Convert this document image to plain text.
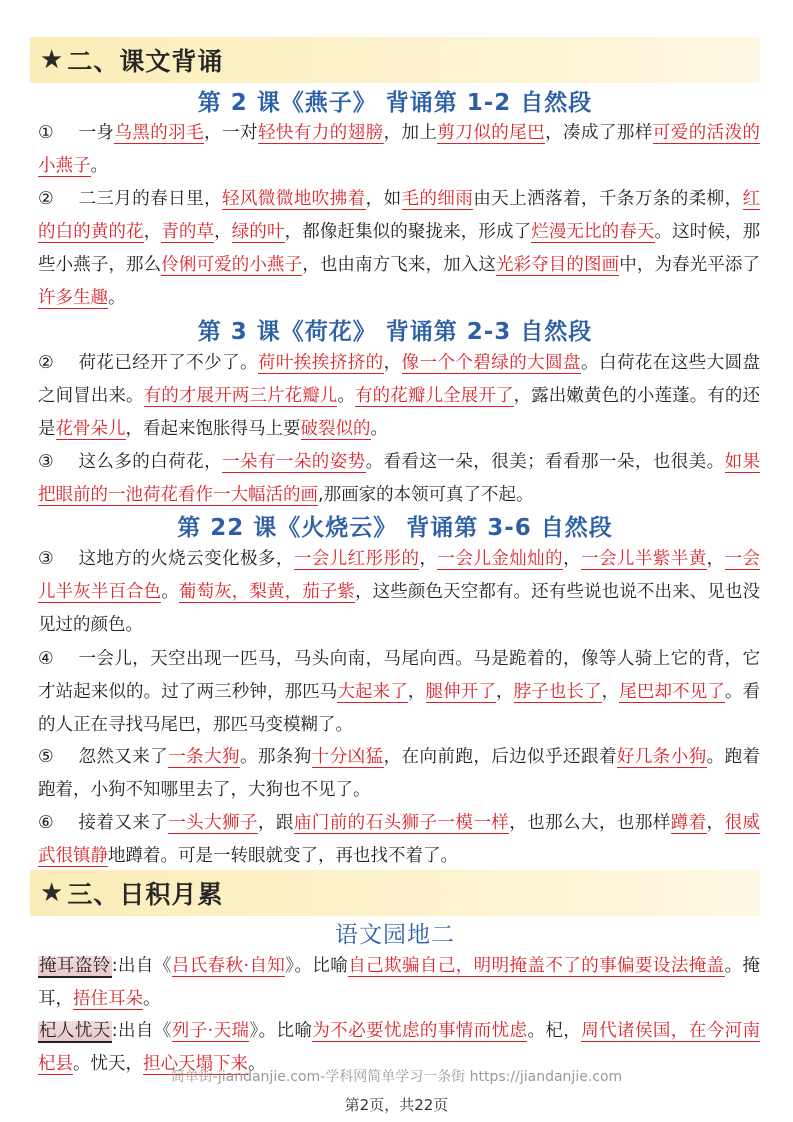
★ 二、课文背诵
第 2 课《燕子》 背诵第 1-2 自然段
① 一身乌黑的羽毛，一对轻快有力的翅膀，加上剪刀似的尾巴，凑成了那样可爱的活泼的小燕子。
② 二三月的春日里，轻风微微地吹拂着，如毛的细雨由天上洒落着，千条万条的柔柳，红的白的黄的花，青的草，绿的叶，都像赶集似的聚拢来，形成了烂漫无比的春天。这时候，那些小燕子，那么伶俐可爱的小燕子，也由南方飞来，加入这光彩夺目的图画中，为春光平添了许多生趣。
第 3 课《荷花》 背诵第 2-3 自然段
② 荷花已经开了不少了。荷叶挨挨挤挤的，像一个个碧绿的大圆盘。白荷花在这些大圆盘之间冒出来。有的才展开两三片花瓣儿。有的花瓣儿全展开了，露出嫩黄色的小莲蓬。有的还是花骨朵儿，看起来饱胀得马上要破裂似的。
③ 这么多的白荷花，一朵有一朵的姿势。看看这一朵，很美；看看那一朵，也很美。如果把眼前的一池荷花看作一大幅活的画,那画家的本领可真了不起。
第 22 课《火烧云》 背诵第 3-6 自然段
③ 这地方的火烧云变化极多，一会儿红彤彤的，一会儿金灿灿的，一会儿半紫半黄，一会儿半灰半百合色。葡萄灰，梨黄，茄子紫，这些颜色天空都有。还有些说也说不出来、见也没见过的颜色。
④ 一会儿，天空出现一匹马，马头向南，马尾向西。马是跪着的，像等人骑上它的背，它才站起来似的。过了两三秒钟，那匹马大起来了，腿伸开了，脖子也长了，尾巴却不见了。看的人正在寻找马尾巴，那匹马变模糊了。
⑤ 忽然又来了一条大狗。那条狗十分凶猛，在向前跑，后边似乎还跟着好几条小狗。跑着跑着，小狗不知哪里去了，大狗也不见了。
⑥ 接着又来了一头大狮子，跟庙门前的石头狮子一模一样，也那么大，也那样蹲着，很威武很镇静地蹲着。可是一转眼就变了，再也找不着了。
★ 三、日积月累
语文园地二
掩耳盗铃:出自《吕氏春秋·自知》。比喻自己欺骗自己，明明掩盖不了的事偏要设法掩盖。掩耳，捂住耳朵。
杞人忧天:出自《列子·天瑞》。比喻为不必要忧虑的事情而忧虑。杞，周代诸侯国，在今河南杞县。忧天，担心天塌下来。
简单街-jiandanjie.com-学科网简单学习一条街 https://jiandanjie.com
第2页，共22页
